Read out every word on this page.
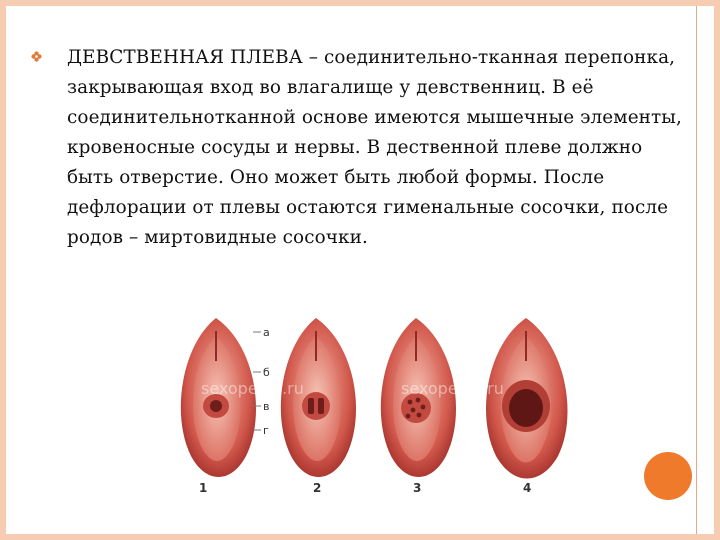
ДЕВСТВЕННАЯ ПЛЕВА – соединительно-тканная перепонка, закрывающая вход во влагалище у девственниц. В её соединительнотканной основе имеются мышечные элементы, кровеносные сосуды и нервы. В дественной плеве должно быть отверстие. Оно может быть любой формы. После дефлорации от плевы остаются гименальные сосочки, после родов – миртовидные сосочки.

sexopedia.ru	sexopedia.ru
а
б
в
г
1	2	3	4
